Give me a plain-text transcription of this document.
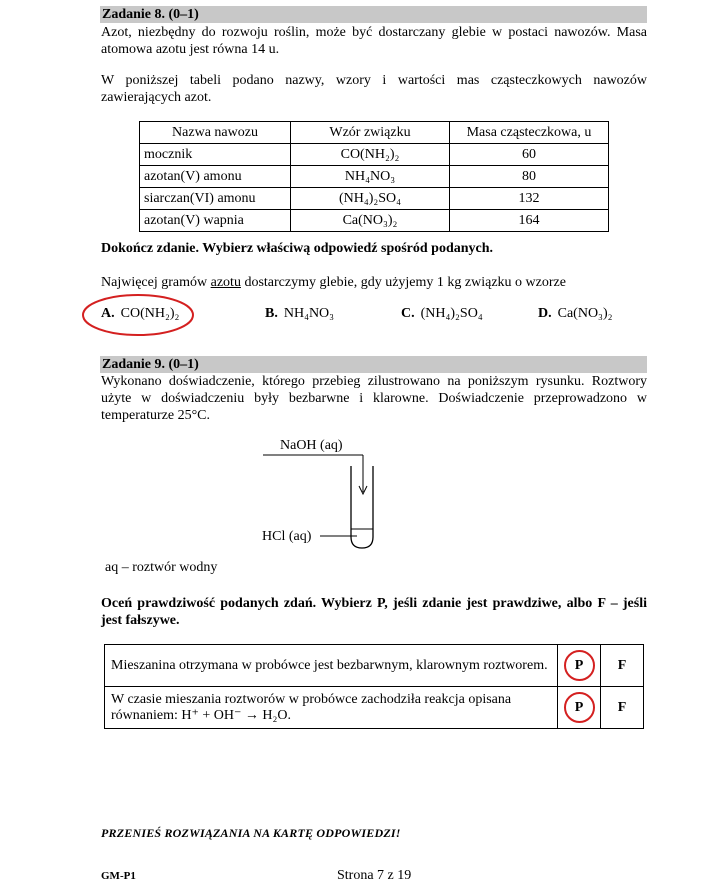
Zadanie 8. (0–1)
Azot, niezbędny do rozwoju roślin, może być dostarczany glebie w postaci nawozów. Masa atomowa azotu jest równa 14 u.
W poniższej tabeli podano nazwy, wzory i wartości mas cząsteczkowych nawozów zawierających azot.
Nazwa nawozu	Wzór związku	Masa cząsteczkowa, u
mocznik	CO(NH₂)₂	60
azotan(V) amonu	NH₄NO₃	80
siarczan(VI) amonu	(NH₄)₂SO₄	132
azotan(V) wapnia	Ca(NO₃)₂	164
Dokończ zdanie. Wybierz właściwą odpowiedź spośród podanych.
Najwięcej gramów azotu dostarczymy glebie, gdy użyjemy 1 kg związku o wzorze
A. CO(NH₂)₂	B. NH₄NO₃	C. (NH₄)₂SO₄	D. Ca(NO₃)₂
Zadanie 9. (0–1)
Wykonano doświadczenie, którego przebieg zilustrowano na poniższym rysunku. Roztwory użyte w doświadczeniu były bezbarwne i klarowne. Doświadczenie przeprowadzono w temperaturze 25°C.
NaOH (aq)
HCl (aq)
aq – roztwór wodny
Oceń prawdziwość podanych zdań. Wybierz P, jeśli zdanie jest prawdziwe, albo F – jeśli jest fałszywe.
Mieszanina otrzymana w probówce jest bezbarwnym, klarownym roztworem.	P	F
W czasie mieszania roztworów w probówce zachodziła reakcja opisana równaniem: H⁺ + OH⁻ → H₂O.	P	F
PRZENIEŚ ROZWIĄZANIA NA KARTĘ ODPOWIEDZI!
GM-P1	Strona 7 z 19
